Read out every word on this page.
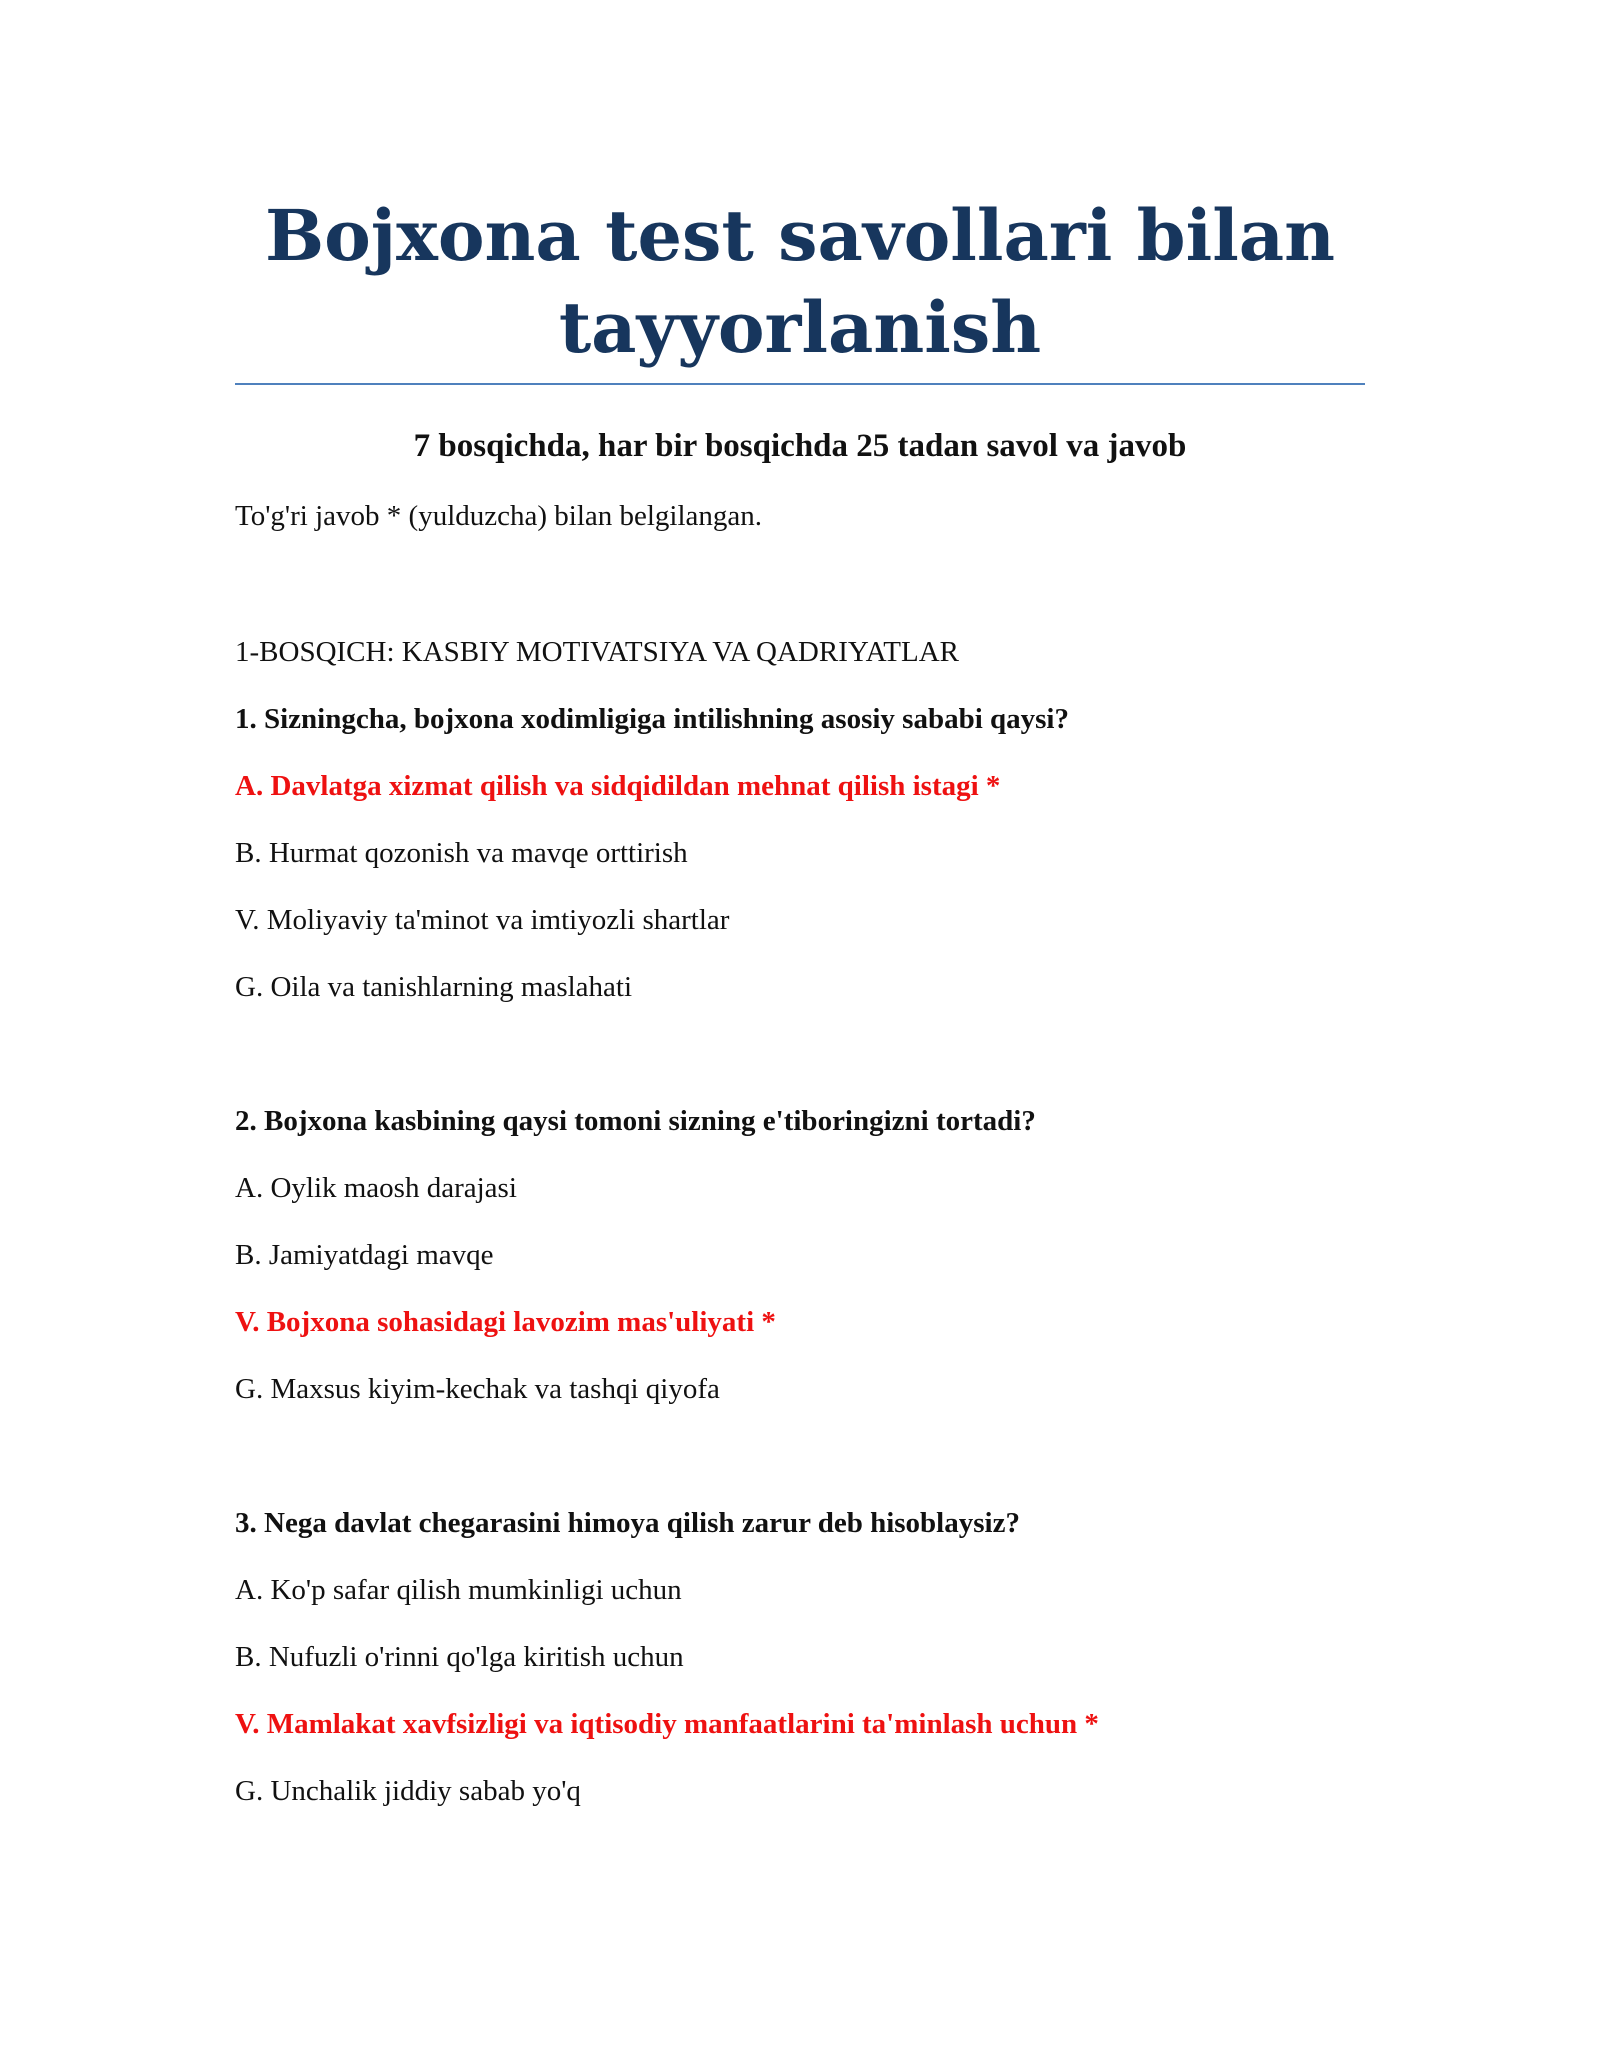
Bojxona test savollari bilan
tayyorlanish

7 bosqichda, har bir bosqichda 25 tadan savol va javob

To'g'ri javob * (yulduzcha) bilan belgilangan.

1-BOSQICH: KASBIY MOTIVATSIYA VA QADRIYATLAR

1. Sizningcha, bojxona xodimligiga intilishning asosiy sababi qaysi?

A. Davlatga xizmat qilish va sidqidildan mehnat qilish istagi *

B. Hurmat qozonish va mavqe orttirish

V. Moliyaviy ta'minot va imtiyozli shartlar

G. Oila va tanishlarning maslahati

2. Bojxona kasbining qaysi tomoni sizning e'tiboringizni tortadi?

A. Oylik maosh darajasi

B. Jamiyatdagi mavqe

V. Bojxona sohasidagi lavozim mas'uliyati *

G. Maxsus kiyim-kechak va tashqi qiyofa

3. Nega davlat chegarasini himoya qilish zarur deb hisoblaysiz?

A. Ko'p safar qilish mumkinligi uchun

B. Nufuzli o'rinni qo'lga kiritish uchun

V. Mamlakat xavfsizligi va iqtisodiy manfaatlarini ta'minlash uchun *

G. Unchalik jiddiy sabab yo'q
